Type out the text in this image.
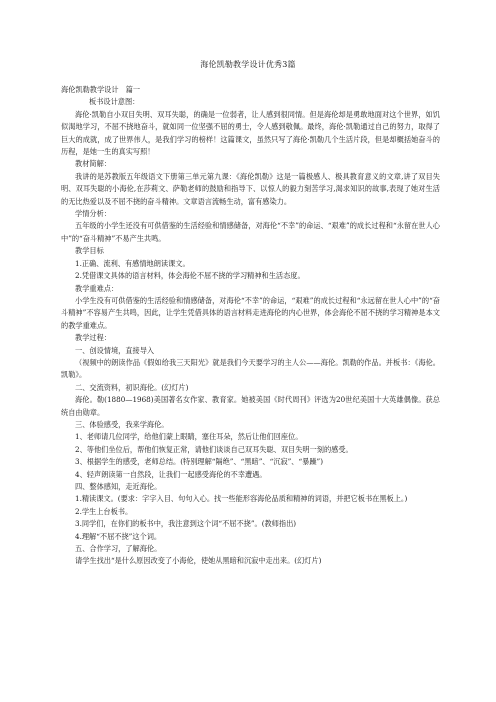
海伦凯勒教学设计优秀3篇

海伦凯勒教学设计　篇一

板书设计意图：

海伦·凯勒自小双目失明、双耳失聪，的确是一位弱者，让人感到很同情。但是海伦却是勇敢地面对这个世界，如饥似渴地学习，不屈不挠地奋斗，就如同一位坚强不屈的勇士，令人感到敬佩。最终，海伦·凯勒通过自己的努力，取得了巨大的成就，成了世界伟人，是我们学习的榜样！这篇课文，虽然只写了海伦·凯勒几个生活片段，但是却概括她奋斗的历程，是她一生的真实写照！

教材简解：

我讲的是苏教版五年级语文下册第三单元第九课：《海伦凯勒》这是一篇极感人、极具教育意义的文章,讲了双目失明、双耳失聪的小海伦,在莎莉文、萨勒老师的鼓励和指导下、以惊人的毅力刻苦学习,渴求知识的故事,表现了她对生活的无比热爱以及不屈不挠的奋斗精神。文章语言流畅生动，富有感染力。

学情分析：

五年级的小学生还没有可供借鉴的生活经验和情感储备，对海伦“不幸”的命运、“艰难”的成长过程和“永留在世人心中”的“奋斗精神”不易产生共鸣。

教学目标

1.正确、流利、有感情地朗读课文。

2.凭借课文具体的语言材料，体会海伦不屈不挠的学习精神和生活态度。

教学重难点：

小学生没有可供借鉴的生活经验和情感储备，对海伦“不幸”的命运，“艰难”的成长过程和“永远留在世人心中”的“奋斗精神”不容易产生共鸣，因此，让学生凭借具体的语言材料走进海伦的内心世界，体会海伦不屈不挠的学习精神是本文的教学重难点。

教学过程：

一、创设情境，直接导入

（视频中的朗读作品《假如给我三天阳光》就是我们今天要学习的主人公——海伦。凯勒的作品。并板书：《海伦。凯勒》。

二、交流资料，初识海伦。(幻灯片)

海伦。勒(1880—1968)美国著名女作家、教育家。她被美国《时代周刊》评选为20世纪美国十大英雄偶像。获总统自由勋章。

三、体验感受，我来学海伦。

1、老师请几位同学，给他们蒙上眼睛，塞住耳朵，然后让他们回座位。

2、等他们坐位后，帮他们恢复正常，请他们谈谈自己双耳失聪、双目失明一刻的感受。

3、根据学生的感受，老师总结。(特别理解“隔绝”、“黑暗”、“沉寂”、“暴躁”)

4、轻声朗读第一自然段，让我们一起感受海伦的不幸遭遇。

四、整体感知，走近海伦。

1.精读课文。(要求：字字入目、句句入心。找一些能形容海伦品质和精神的词语，并把它板书在黑板上。)

2.学生上台板书。

3.同学们，在你们的板书中，我注意到这个词“不屈不挠”。(教师指出)

4.理解“不屈不挠”这个词。

五、合作学习，了解海伦。

请学生找出“是什么原因改变了小海伦，使她从黑暗和沉寂中走出来。(幻灯片)
